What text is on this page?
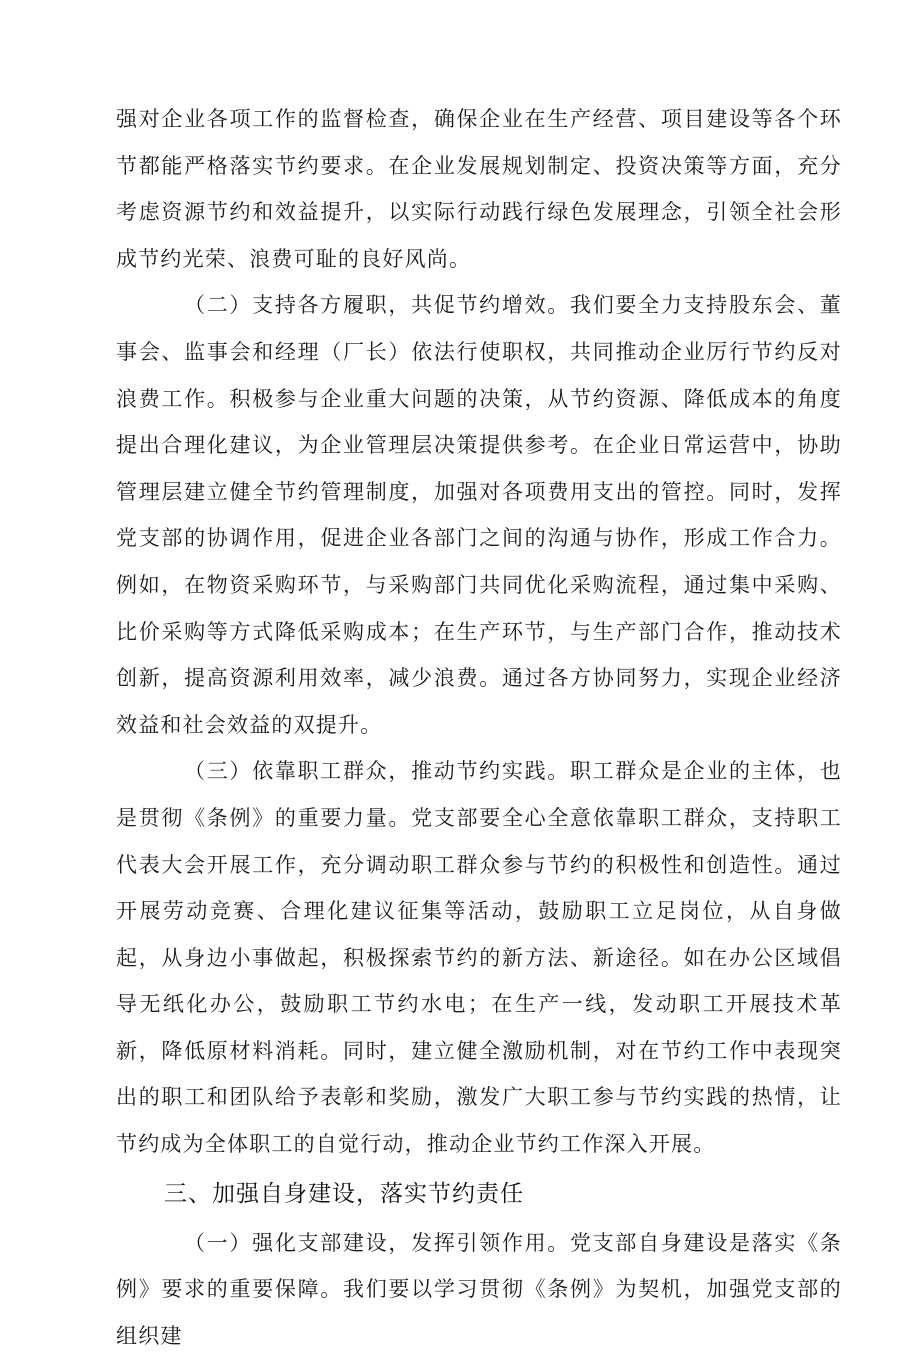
强对企业各项工作的监督检查，确保企业在生产经营、项目建设等各个环节都能严格落实节约要求。在企业发展规划制定、投资决策等方面，充分考虑资源节约和效益提升，以实际行动践行绿色发展理念，引领全社会形成节约光荣、浪费可耻的良好风尚。

（二）支持各方履职，共促节约增效。我们要全力支持股东会、董事会、监事会和经理（厂长）依法行使职权，共同推动企业厉行节约反对浪费工作。积极参与企业重大问题的决策，从节约资源、降低成本的角度提出合理化建议，为企业管理层决策提供参考。在企业日常运营中，协助管理层建立健全节约管理制度，加强对各项费用支出的管控。同时，发挥党支部的协调作用，促进企业各部门之间的沟通与协作，形成工作合力。例如，在物资采购环节，与采购部门共同优化采购流程，通过集中采购、比价采购等方式降低采购成本；在生产环节，与生产部门合作，推动技术创新，提高资源利用效率，减少浪费。通过各方协同努力，实现企业经济效益和社会效益的双提升。

（三）依靠职工群众，推动节约实践。职工群众是企业的主体，也是贯彻《条例》的重要力量。党支部要全心全意依靠职工群众，支持职工代表大会开展工作，充分调动职工群众参与节约的积极性和创造性。通过开展劳动竞赛、合理化建议征集等活动，鼓励职工立足岗位，从自身做起，从身边小事做起，积极探索节约的新方法、新途径。如在办公区域倡导无纸化办公，鼓励职工节约水电；在生产一线，发动职工开展技术革新，降低原材料消耗。同时，建立健全激励机制，对在节约工作中表现突出的职工和团队给予表彰和奖励，激发广大职工参与节约实践的热情，让节约成为全体职工的自觉行动，推动企业节约工作深入开展。

三、加强自身建设，落实节约责任

（一）强化支部建设，发挥引领作用。党支部自身建设是落实《条例》要求的重要保障。我们要以学习贯彻《条例》为契机，加强党支部的组织建
